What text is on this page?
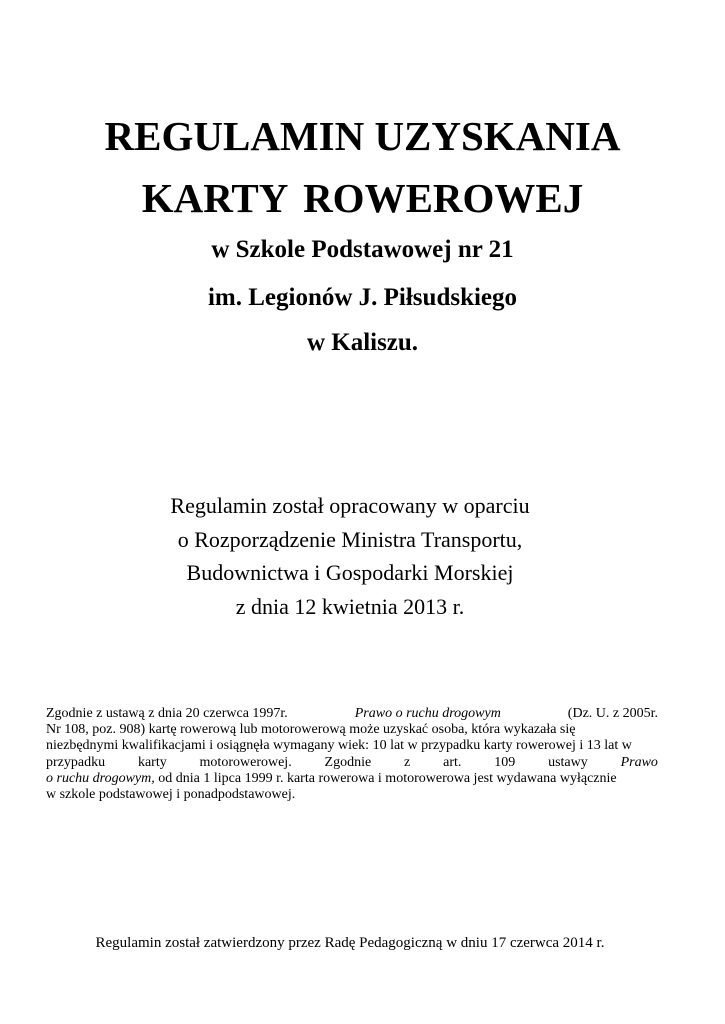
REGULAMIN UZYSKANIA
KARTY ROWEROWEJ
w Szkole Podstawowej nr 21
im. Legionów J. Piłsudskiego
w Kaliszu.
Regulamin został opracowany w oparciu
o Rozporządzenie Ministra Transportu,
Budownictwa i Gospodarki Morskiej
z dnia 12 kwietnia 2013 r.
Zgodnie z ustawą z dnia 20 czerwca 1997r.	Prawo o ruchu drogowym	(Dz. U. z 2005r.
Nr 108, poz. 908) kartę rowerową lub motorowerową może uzyskać osoba, która wykazała się
niezbędnymi kwalifikacjami i osiągnęła wymagany wiek: 10 lat w przypadku karty rowerowej i 13 lat w
przypadku karty motorowerowej. Zgodnie z art. 109 ustawy Prawo
o ruchu drogowym, od dnia 1 lipca 1999 r. karta rowerowa i motorowerowa jest wydawana wyłącznie
w szkole podstawowej i ponadpodstawowej.
Regulamin został zatwierdzony przez Radę Pedagogiczną w dniu 17 czerwca 2014 r.
